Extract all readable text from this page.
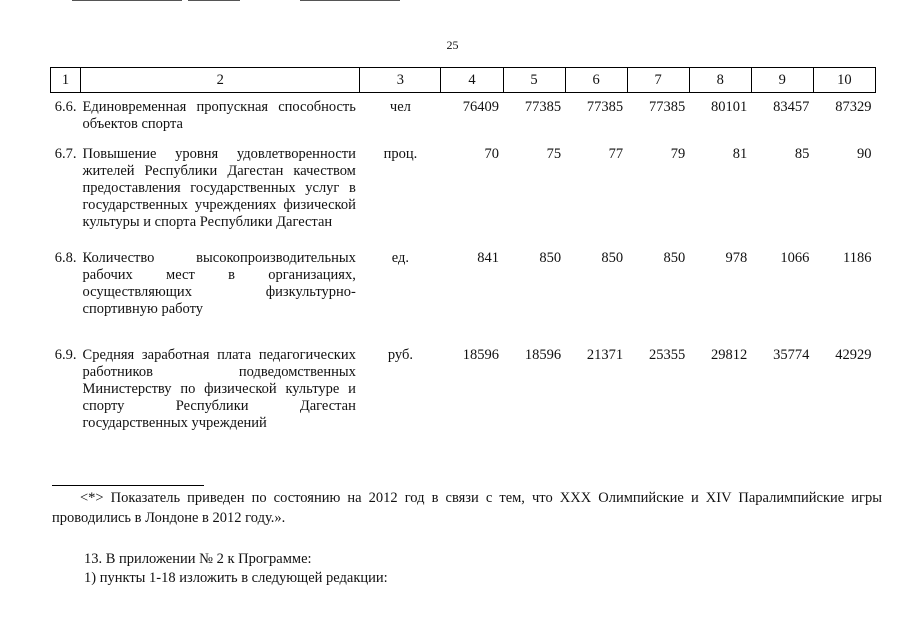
25
1	2	3	4	5	6	7	8	9	10
6.6.	Единовременная пропускная способность объектов спорта	чел	76409	77385	77385	77385	80101	83457	87329
6.7.	Повышение уровня удовлетворенности жителей Республики Дагестан качеством предоставления государственных услуг в государственных учреждениях физической культуры и спорта Республики Дагестан	проц.	70	75	77	79	81	85	90
6.8.	Количество высокопроизводительных рабочих мест в организациях, осуществляющих физкультурно-спортивную работу	ед.	841	850	850	850	978	1066	1186
6.9.	Средняя заработная плата педагогических работников подведомственных Министерству по физической культуре и спорту Республики Дагестан государственных учреждений	руб.	18596	18596	21371	25355	29812	35774	42929
<*> Показатель приведен по состоянию на 2012 год в связи с тем, что XXX Олимпийские и XIV Паралимпийские игры проводились в Лондоне в 2012 году.».
13. В приложении № 2 к Программе:
1) пункты 1-18 изложить в следующей редакции:
